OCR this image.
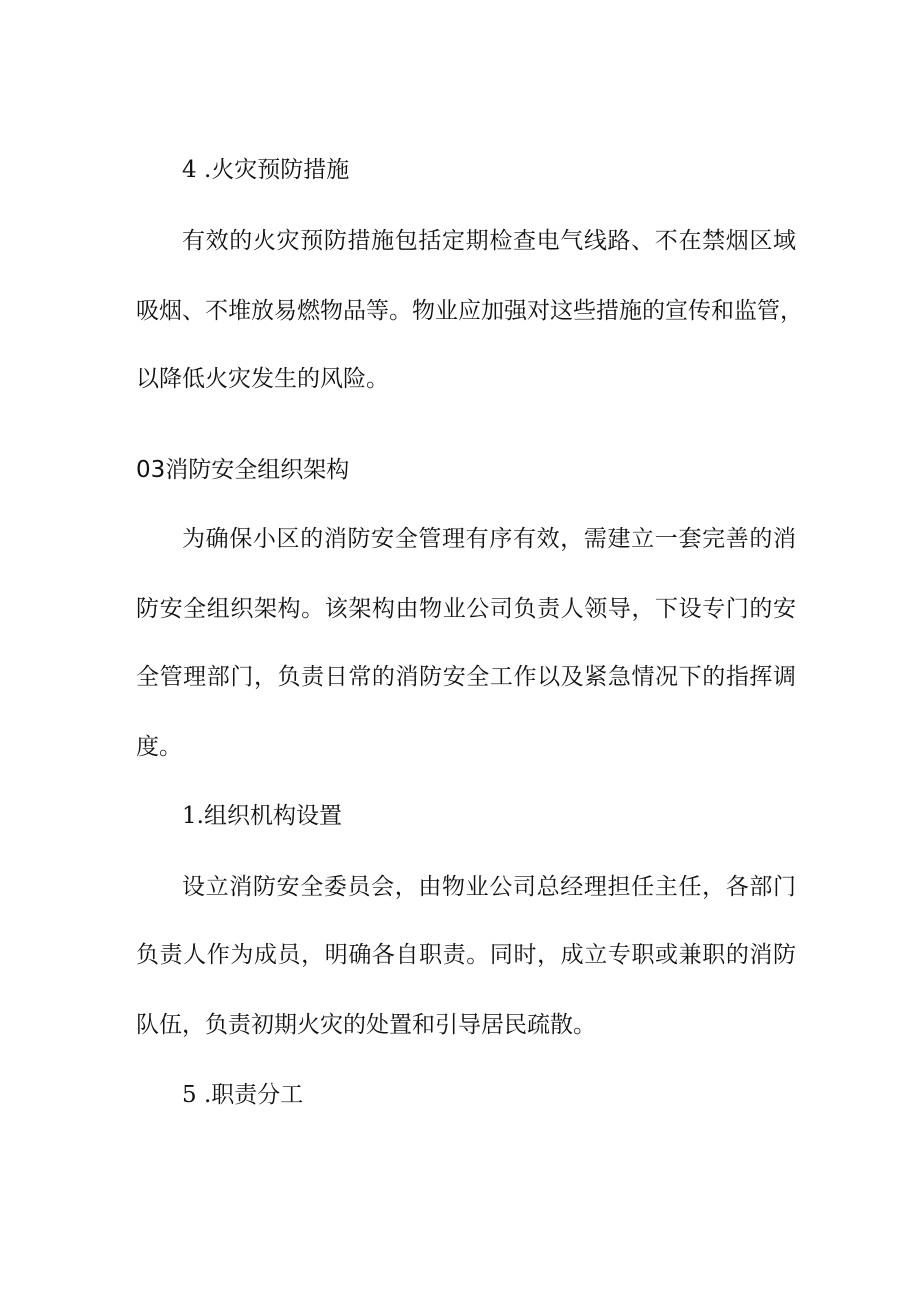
4 .火灾预防措施
有效的火灾预防措施包括定期检查电气线路、不在禁烟区域
吸烟、不堆放易燃物品等。物业应加强对这些措施的宣传和监管，
以降低火灾发生的风险。
03消防安全组织架构
为确保小区的消防安全管理有序有效，需建立一套完善的消
防安全组织架构。该架构由物业公司负责人领导，下设专门的安
全管理部门，负责日常的消防安全工作以及紧急情况下的指挥调
度。
1.组织机构设置
设立消防安全委员会，由物业公司总经理担任主任，各部门
负责人作为成员，明确各自职责。同时，成立专职或兼职的消防
队伍，负责初期火灾的处置和引导居民疏散。
5 .职责分工
